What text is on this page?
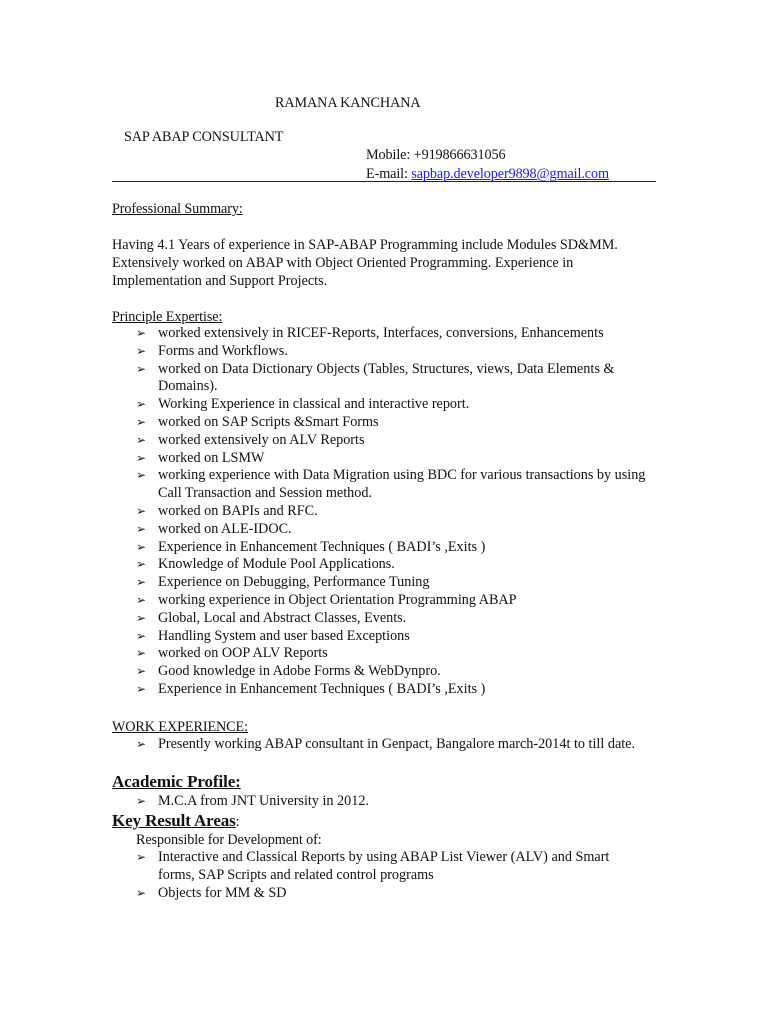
RAMANA KANCHANA
SAP ABAP CONSULTANT
Mobile: +919866631056
E-mail: sapbap.developer9898@gmail.com
Professional Summary:
Having 4.1 Years of experience in SAP-ABAP Programming include Modules SD&MM. Extensively worked on ABAP with Object Oriented Programming. Experience in Implementation and Support Projects.
Principle Expertise:
➢ worked extensively in RICEF-Reports, Interfaces, conversions, Enhancements
➢ Forms and Workflows.
➢ worked on Data Dictionary Objects (Tables, Structures, views, Data Elements & Domains).
➢ Working Experience in classical and interactive report.
➢ worked on SAP Scripts &Smart Forms
➢ worked extensively on ALV Reports
➢ worked on LSMW
➢ working experience with Data Migration using BDC for various transactions by using Call Transaction and Session method.
➢ worked on BAPIs and RFC.
➢ worked on ALE-IDOC.
➢ Experience in Enhancement Techniques ( BADI’s ,Exits )
➢ Knowledge of Module Pool Applications.
➢ Experience on Debugging, Performance Tuning
➢ working experience in Object Orientation Programming ABAP
➢ Global, Local and Abstract Classes, Events.
➢ Handling System and user based Exceptions
➢ worked on OOP ALV Reports
➢ Good knowledge in Adobe Forms & WebDynpro.
➢ Experience in Enhancement Techniques ( BADI’s ,Exits )
WORK EXPERIENCE:
➢ Presently working ABAP consultant in Genpact, Bangalore march-2014t to till date.
Academic Profile:
➢ M.C.A from JNT University in 2012.
Key Result Areas:
Responsible for Development of:
➢ Interactive and Classical Reports by using ABAP List Viewer (ALV) and Smart forms, SAP Scripts and related control programs
➢ Objects for MM & SD
